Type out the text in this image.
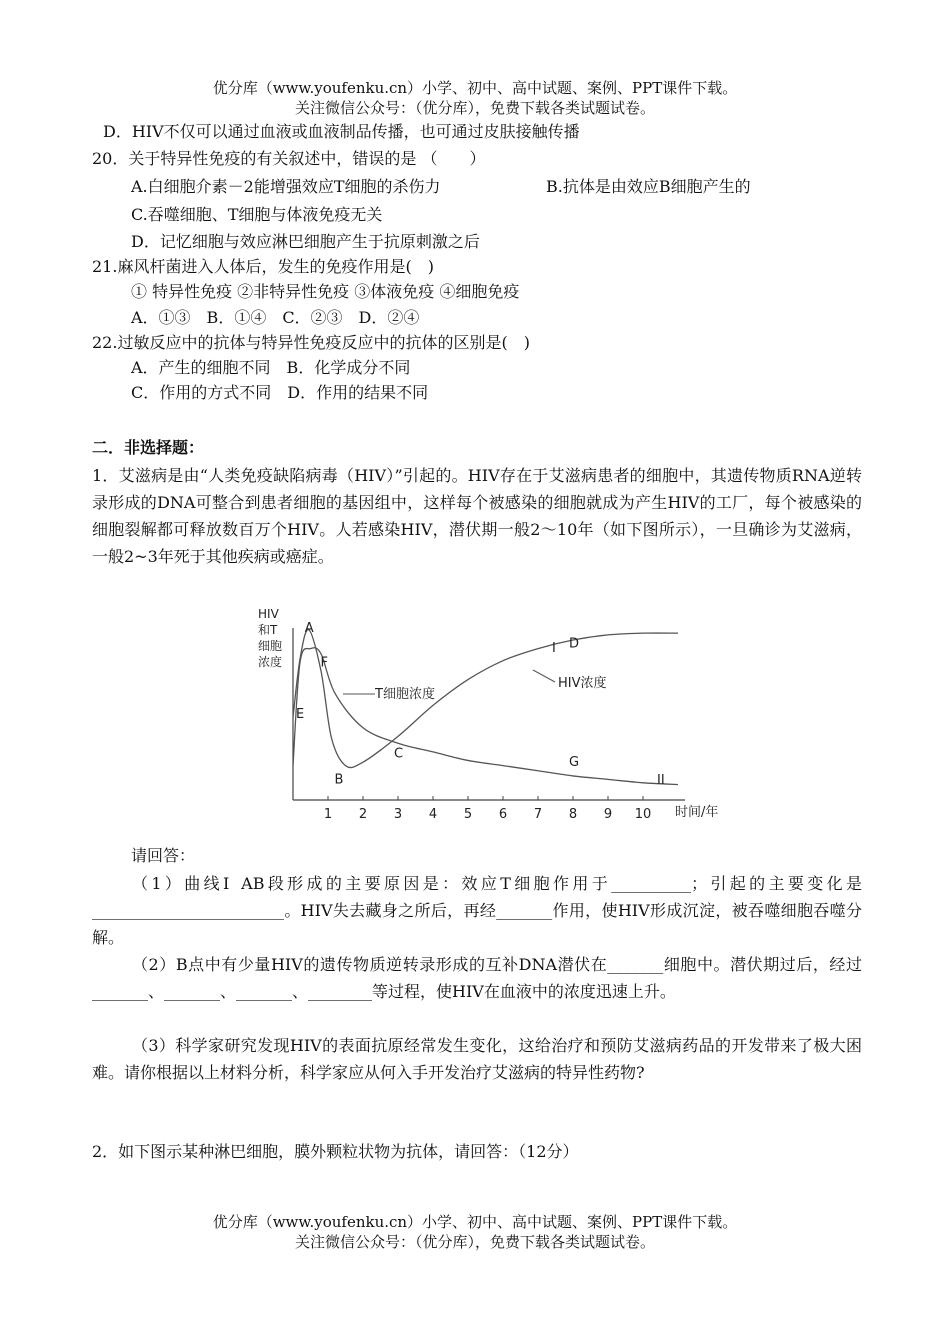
优分库（www.youfenku.cn）小学、初中、高中试题、案例、PPT课件下载。
关注微信公众号：（优分库），免费下载各类试题试卷。
D．HIV不仅可以通过血液或血液制品传播，也可通过皮肤接触传播
20．关于特异性免疫的有关叙述中，错误的是 （　　）
A.白细胞介素－2能增强效应T细胞的杀伤力	B.抗体是由效应B细胞产生的
C.吞噬细胞、T细胞与体液免疫无关
D．记忆细胞与效应淋巴细胞产生于抗原刺激之后
21.麻风杆菌进入人体后，发生的免疫作用是(　)
① 特异性免疫 ②非特异性免疫 ③体液免疫 ④细胞免疫
A．①③　B．①④　C．②③　D．②④
22.过敏反应中的抗体与特异性免疫反应中的抗体的区别是(　)
A．产生的细胞不同　B．化学成分不同
C．作用的方式不同　D．作用的结果不同
二．非选择题：
1．艾滋病是由“人类免疫缺陷病毒（HIV）”引起的。HIV存在于艾滋病患者的细胞中，其遗传物质RNA逆转录形成的DNA可整合到患者细胞的基因组中，这样每个被感染的细胞就成为产生HIV的工厂，每个被感染的细胞裂解都可释放数百万个HIV。人若感染HIV，潜伏期一般2～10年（如下图所示），一旦确诊为艾滋病，一般2~3年死于其他疾病或癌症。
HIV
和T
细胞
浓度
1 2 3 4 5 6 7 8 9 10 时间/年
A
F
E
B
C
D
G
I
II
T细胞浓度
HIV浓度
请回答：
（1）曲线Ⅰ AB段形成的主要原因是：效应T细胞作用于__________；引起的主要变化是________________________。HIV失去藏身之所后，再经_______作用，使HIV形成沉淀，被吞噬细胞吞噬分解。
（2）B点中有少量HIV的遗传物质逆转录形成的互补DNA潜伏在_______细胞中。潜伏期过后，经过_______、_______、_______、________等过程，使HIV在血液中的浓度迅速上升。
（3）科学家研究发现HIV的表面抗原经常发生变化，这给治疗和预防艾滋病药品的开发带来了极大困难。请你根据以上材料分析，科学家应从何入手开发治疗艾滋病的特异性药物?
2．如下图示某种淋巴细胞，膜外颗粒状物为抗体，请回答：（12分）
优分库（www.youfenku.cn）小学、初中、高中试题、案例、PPT课件下载。
关注微信公众号：（优分库），免费下载各类试题试卷。
